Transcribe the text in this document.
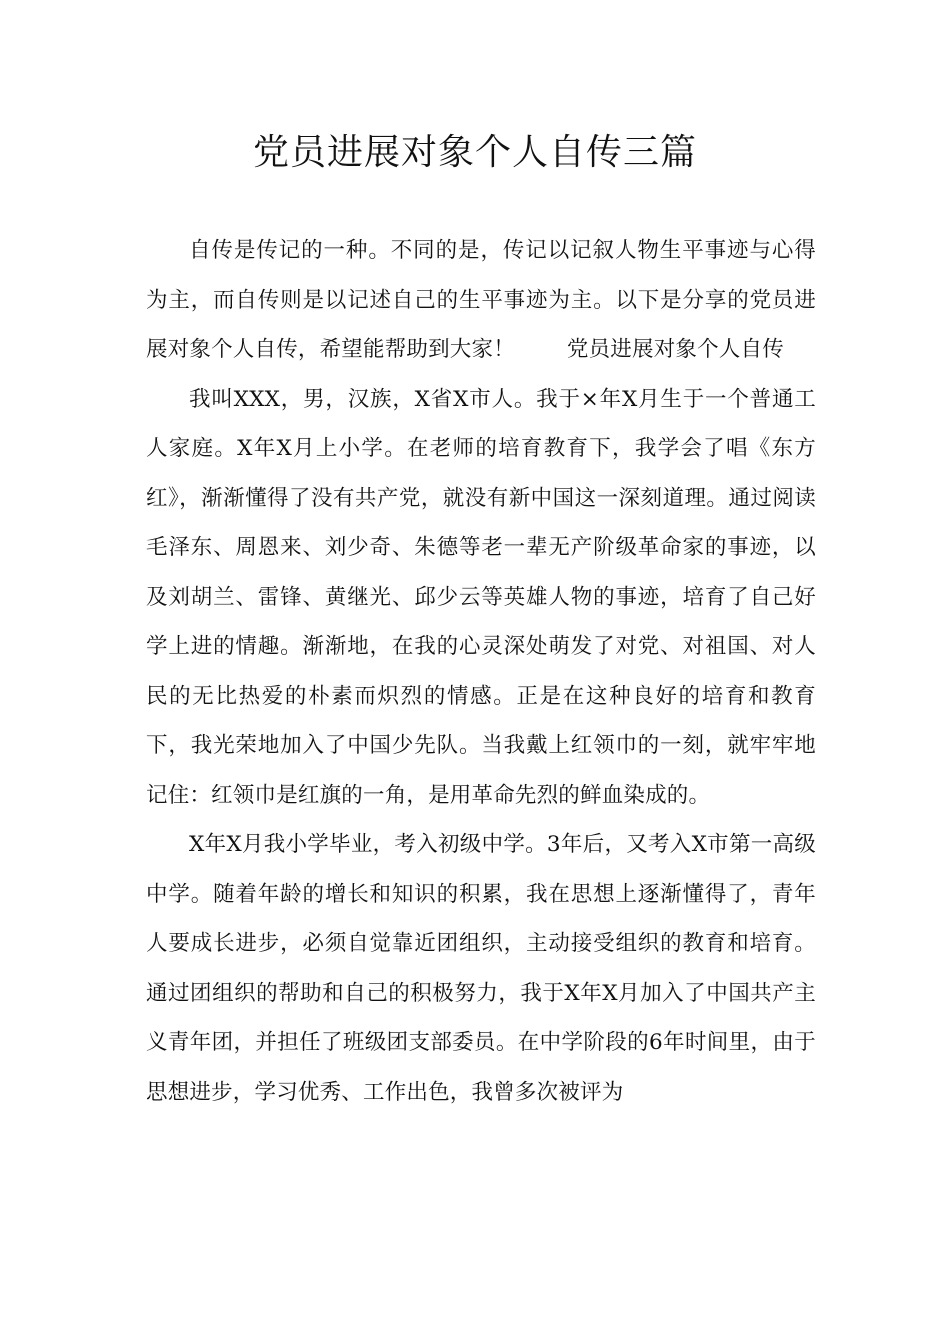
党员进展对象个人自传三篇

自传是传记的一种。不同的是，传记以记叙人物生平事迹与心得为主，而自传则是以记述自己的生平事迹为主。以下是分享的党员进展对象个人自传，希望能帮助到大家！ 党员进展对象个人自传

我叫XXX，男，汉族，X省X市人。我于×年X月生于一个普通工人家庭。X年X月上小学。在老师的培育教育下，我学会了唱《东方红》，渐渐懂得了没有共产党，就没有新中国这一深刻道理。通过阅读毛泽东、周恩来、刘少奇、朱德等老一辈无产阶级革命家的事迹，以及刘胡兰、雷锋、黄继光、邱少云等英雄人物的事迹，培育了自己好学上进的情趣。渐渐地，在我的心灵深处萌发了对党、对祖国、对人民的无比热爱的朴素而炽烈的情感。正是在这种良好的培育和教育下，我光荣地加入了中国少先队。当我戴上红领巾的一刻，就牢牢地记住：红领巾是红旗的一角，是用革命先烈的鲜血染成的。

X年X月我小学毕业，考入初级中学。3年后，又考入X市第一高级中学。随着年龄的增长和知识的积累，我在思想上逐渐懂得了，青年人要成长进步，必须自觉靠近团组织，主动接受组织的教育和培育。通过团组织的帮助和自己的积极努力，我于X年X月加入了中国共产主义青年团，并担任了班级团支部委员。在中学阶段的6年时间里，由于思想进步，学习优秀、工作出色，我曾多次被评为
